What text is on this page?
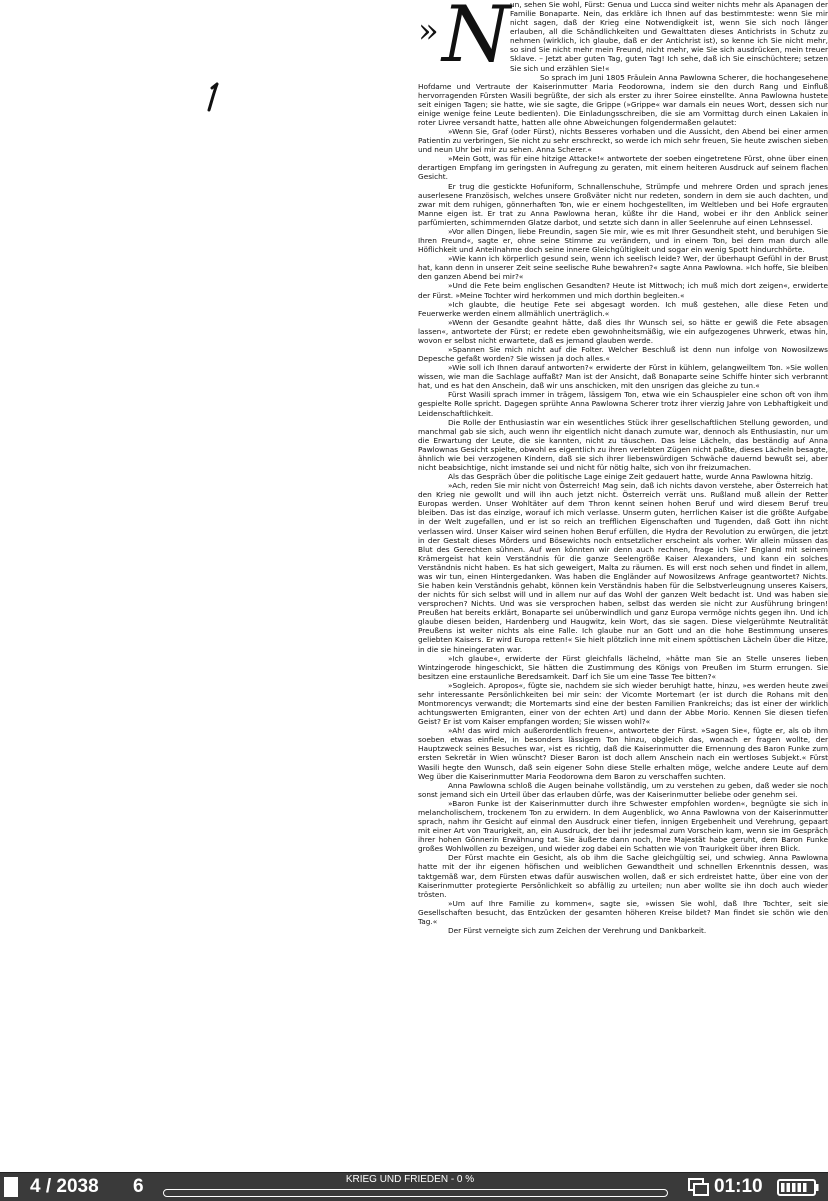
» N un, sehen Sie wohl, Fürst: Genua und Lucca sind weiter nichts mehr als Apanagen der Familie Bonaparte. Nein, das erkläre ich Ihnen auf das bestimmteste: wenn Sie mir nicht sagen, daß der Krieg eine Notwendigkeit ist, wenn Sie sich noch länger erlauben, all die Schändlichkeiten und Gewalttaten dieses Antichrists in Schutz zu nehmen (wirklich, ich glaube, daß er der Antichrist ist), so kenne ich Sie nicht mehr, so sind Sie nicht mehr mein Freund, nicht mehr, wie Sie sich ausdrücken, mein treuer Sklave. – Jetzt aber guten Tag, guten Tag! Ich sehe, daß ich Sie einschüchtere; setzen Sie sich und erzählen Sie!«

So sprach im Juni 1805 Fräulein Anna Pawlowna Scherer, die hochangesehene Hofdame und Vertraute der Kaiserinmutter Maria Feodorowna, indem sie den durch Rang und Einfluß hervorragenden Fürsten Wasili begrüßte, der sich als erster zu ihrer Soiree einstellte. Anna Pawlowna hustete seit einigen Tagen; sie hatte, wie sie sagte, die Grippe (»Grippe« war damals ein neues Wort, dessen sich nur einige wenige feine Leute bedienten). Die Einladungsschreiben, die sie am Vormittag durch einen Lakaien in roter Livree versandt hatte, hatten alle ohne Abweichungen folgendermaßen gelautet:

»Wenn Sie, Graf (oder Fürst), nichts Besseres vorhaben und die Aussicht, den Abend bei einer armen Patientin zu verbringen, Sie nicht zu sehr erschreckt, so werde ich mich sehr freuen, Sie heute zwischen sieben und neun Uhr bei mir zu sehen. Anna Scherer.«

»Mein Gott, was für eine hitzige Attacke!« antwortete der soeben eingetretene Fürst, ohne über einen derartigen Empfang im geringsten in Aufregung zu geraten, mit einem heiteren Ausdruck auf seinem flachen Gesicht.

Er trug die gestickte Hofuniform, Schnallenschuhe, Strümpfe und mehrere Orden und sprach jenes auserlesene Französisch, welches unsere Großväter nicht nur redeten, sondern in dem sie auch dachten, und zwar mit dem ruhigen, gönnerhaften Ton, wie er einem hochgestellten, im Weltleben und bei Hofe ergrauten Manne eigen ist. Er trat zu Anna Pawlowna heran, küßte ihr die Hand, wobei er ihr den Anblick seiner parfümierten, schimmernden Glatze darbot, und setzte sich dann in aller Seelenruhe auf einen Lehnsessel.

»Vor allen Dingen, liebe Freundin, sagen Sie mir, wie es mit Ihrer Gesundheit steht, und beruhigen Sie Ihren Freund«, sagte er, ohne seine Stimme zu verändern, und in einem Ton, bei dem man durch alle Höflichkeit und Anteilnahme doch seine innere Gleichgültigkeit und sogar ein wenig Spott hindurchhörte.

»Wie kann ich körperlich gesund sein, wenn ich seelisch leide? Wer, der überhaupt Gefühl in der Brust hat, kann denn in unserer Zeit seine seelische Ruhe bewahren?« sagte Anna Pawlowna. »Ich hoffe, Sie bleiben den ganzen Abend bei mir?«

»Und die Fete beim englischen Gesandten? Heute ist Mittwoch; ich muß mich dort zeigen«, erwiderte der Fürst. »Meine Tochter wird herkommen und mich dorthin begleiten.«

»Ich glaubte, die heutige Fete sei abgesagt worden. Ich muß gestehen, alle diese Feten und Feuerwerke werden einem allmählich unerträglich.«

»Wenn der Gesandte geahnt hätte, daß dies Ihr Wunsch sei, so hätte er gewiß die Fete absagen lassen«, antwortete der Fürst; er redete eben gewohnheitsmäßig, wie ein aufgezogenes Uhrwerk, etwas hin, wovon er selbst nicht erwartete, daß es jemand glauben werde.

»Spannen Sie mich nicht auf die Folter. Welcher Beschluß ist denn nun infolge von Nowosilzews Depesche gefaßt worden? Sie wissen ja doch alles.«

»Wie soll ich Ihnen darauf antworten?« erwiderte der Fürst in kühlem, gelangweiltem Ton. »Sie wollen wissen, wie man die Sachlage auffaßt? Man ist der Ansicht, daß Bonaparte seine Schiffe hinter sich verbrannt hat, und es hat den Anschein, daß wir uns anschicken, mit den unsrigen das gleiche zu tun.«

Fürst Wasili sprach immer in trägem, lässigem Ton, etwa wie ein Schauspieler eine schon oft von ihm gespielte Rolle spricht. Dagegen sprühte Anna Pawlowna Scherer trotz ihrer vierzig Jahre von Lebhaftigkeit und Leidenschaftlichkeit.

Die Rolle der Enthusiastin war ein wesentliches Stück ihrer gesellschaftlichen Stellung geworden, und manchmal gab sie sich, auch wenn ihr eigentlich nicht danach zumute war, dennoch als Enthusiastin, nur um die Erwartung der Leute, die sie kannten, nicht zu täuschen. Das leise Lächeln, das beständig auf Anna Pawlownas Gesicht spielte, obwohl es eigentlich zu ihren verlebten Zügen nicht paßte, dieses Lächeln besagte, ähnlich wie bei verzogenen Kindern, daß sie sich ihrer liebenswürdigen Schwäche dauernd bewußt sei, aber nicht beabsichtige, nicht imstande sei und nicht für nötig halte, sich von ihr freizumachen.

Als das Gespräch über die politische Lage einige Zeit gedauert hatte, wurde Anna Pawlowna hitzig.

»Ach, reden Sie mir nicht von Österreich! Mag sein, daß ich nichts davon verstehe, aber Österreich hat den Krieg nie gewollt und will ihn auch jetzt nicht. Österreich verrät uns. Rußland muß allein der Retter Europas werden. Unser Wohltäter auf dem Thron kennt seinen hohen Beruf und wird diesem Beruf treu bleiben. Das ist das einzige, worauf ich mich verlasse. Unserm guten, herrlichen Kaiser ist die größte Aufgabe in der Welt zugefallen, und er ist so reich an trefflichen Eigenschaften und Tugenden, daß Gott ihn nicht verlassen wird. Unser Kaiser wird seinen hohen Beruf erfüllen, die Hydra der Revolution zu erwürgen, die jetzt in der Gestalt dieses Mörders und Bösewichts noch entsetzlicher erscheint als vorher. Wir allein müssen das Blut des Gerechten sühnen. Auf wen könnten wir denn auch rechnen, frage ich Sie? England mit seinem Krämergeist hat kein Verständnis für die ganze Seelengröße Kaiser Alexanders, und kann ein solches Verständnis nicht haben. Es hat sich geweigert, Malta zu räumen. Es will erst noch sehen und findet in allem, was wir tun, einen Hintergedanken. Was haben die Engländer auf Nowosilzews Anfrage geantwortet? Nichts. Sie haben kein Verständnis gehabt, können kein Verständnis haben für die Selbstverleugnung unseres Kaisers, der nichts für sich selbst will und in allem nur auf das Wohl der ganzen Welt bedacht ist. Und was haben sie versprochen? Nichts. Und was sie versprochen haben, selbst das werden sie nicht zur Ausführung bringen! Preußen hat bereits erklärt, Bonaparte sei unüberwindlich und ganz Europa vermöge nichts gegen ihn. Und ich glaube diesen beiden, Hardenberg und Haugwitz, kein Wort, das sie sagen. Diese vielgerühmte Neutralität Preußens ist weiter nichts als eine Falle. Ich glaube nur an Gott und an die hohe Bestimmung unseres geliebten Kaisers. Er wird Europa retten!« Sie hielt plötzlich inne mit einem spöttischen Lächeln über die Hitze, in die sie hineingeraten war.

»Ich glaube«, erwiderte der Fürst gleichfalls lächelnd, »hätte man Sie an Stelle unseres lieben Wintzingerode hingeschickt, Sie hätten die Zustimmung des Königs von Preußen im Sturm errungen. Sie besitzen eine erstaunliche Beredsamkeit. Darf ich Sie um eine Tasse Tee bitten?«

»Sogleich. Apropos«, fügte sie, nachdem sie sich wieder beruhigt hatte, hinzu, »es werden heute zwei sehr interessante Persönlichkeiten bei mir sein: der Vicomte Mortemart (er ist durch die Rohans mit den Montmorencys verwandt; die Mortemarts sind eine der besten Familien Frankreichs; das ist einer der wirklich achtungswerten Emigranten, einer von der echten Art) und dann der Abbe Morio. Kennen Sie diesen tiefen Geist? Er ist vom Kaiser empfangen worden; Sie wissen wohl?«

»Ah! das wird mich außerordentlich freuen«, antwortete der Fürst. »Sagen Sie«, fügte er, als ob ihm soeben etwas einfiele, in besonders lässigem Ton hinzu, obgleich das, wonach er fragen wollte, der Hauptzweck seines Besuches war, »ist es richtig, daß die Kaiserinmutter die Ernennung des Baron Funke zum ersten Sekretär in Wien wünscht? Dieser Baron ist doch allem Anschein nach ein wertloses Subjekt.« Fürst Wasili hegte den Wunsch, daß sein eigener Sohn diese Stelle erhalten möge, welche andere Leute auf dem Weg über die Kaiserinmutter Maria Feodorowna dem Baron zu verschaffen suchten.

Anna Pawlowna schloß die Augen beinahe vollständig, um zu verstehen zu geben, daß weder sie noch sonst jemand sich ein Urteil über das erlauben dürfe, was der Kaiserinmutter beliebe oder genehm sei.

»Baron Funke ist der Kaiserinmutter durch ihre Schwester empfohlen worden«, begnügte sie sich in melancholischem, trockenem Ton zu erwidern. In dem Augenblick, wo Anna Pawlowna von der Kaiserinmutter sprach, nahm ihr Gesicht auf einmal den Ausdruck einer tiefen, innigen Ergebenheit und Verehrung, gepaart mit einer Art von Traurigkeit, an, ein Ausdruck, der bei ihr jedesmal zum Vorschein kam, wenn sie im Gespräch ihrer hohen Gönnerin Erwähnung tat. Sie äußerte dann noch, Ihre Majestät habe geruht, dem Baron Funke großes Wohlwollen zu bezeigen, und wieder zog dabei ein Schatten wie von Traurigkeit über ihren Blick.

Der Fürst machte ein Gesicht, als ob ihm die Sache gleichgültig sei, und schwieg. Anna Pawlowna hatte mit der ihr eigenen höfischen und weiblichen Gewandtheit und schnellen Erkenntnis dessen, was taktgemäß war, dem Fürsten etwas dafür auswischen wollen, daß er sich erdreistet hatte, über eine von der Kaiserinmutter protegierte Persönlichkeit so abfällig zu urteilen; nun aber wollte sie ihn doch auch wieder trösten.

»Um auf Ihre Familie zu kommen«, sagte sie, »wissen Sie wohl, daß Ihre Tochter, seit sie Gesellschaften besucht, das Entzücken der gesamten höheren Kreise bildet? Man findet sie schön wie den Tag.«

Der Fürst verneigte sich zum Zeichen der Verehrung und Dankbarkeit.

4 / 2038 6	KRIEG UND FRIEDEN - 0 %	01:10
